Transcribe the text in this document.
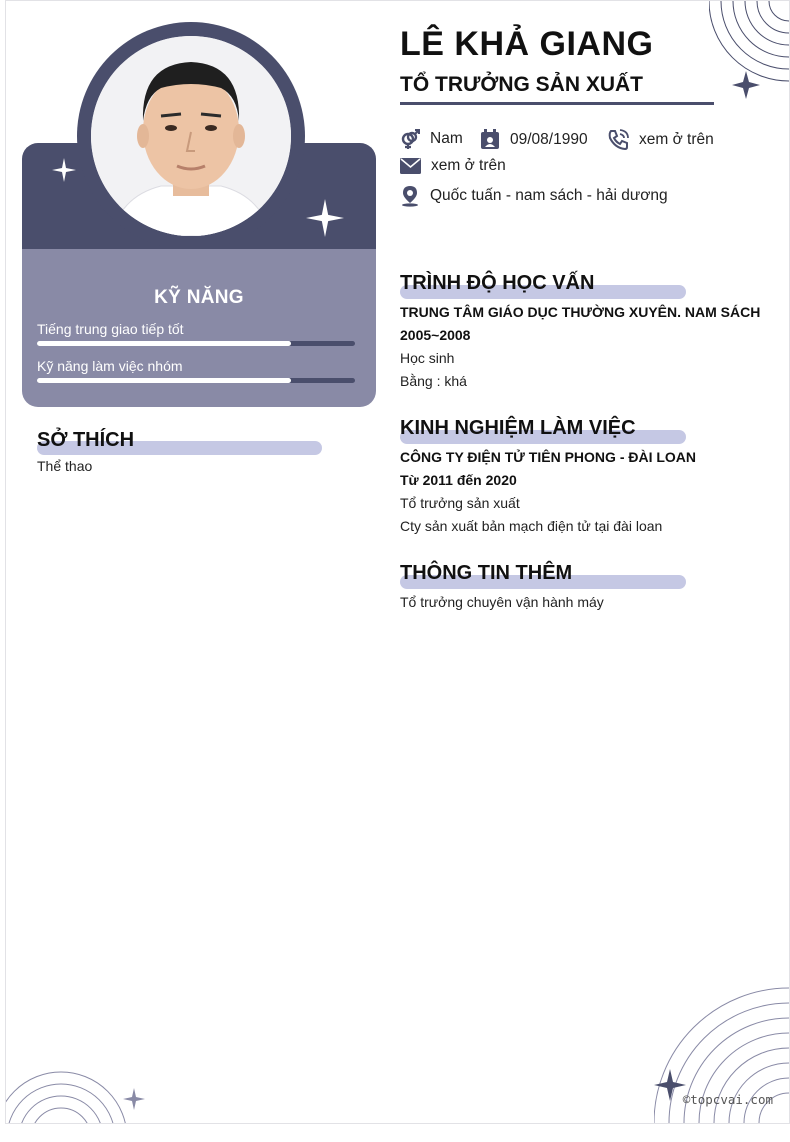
KỸ NĂNG
Tiếng trung giao tiếp tốt
Kỹ năng làm việc nhóm
SỞ THÍCH
Thể thao
LÊ KHẢ GIANG
TỔ TRƯỞNG SẢN XUẤT
Nam	09/08/1990	xem ở trên
xem ở trên
Quốc tuấn - nam sách - hải dương
TRÌNH ĐỘ HỌC VẤN
TRUNG TÂM GIÁO DỤC THƯỜNG XUYÊN. NAM SÁCH
2005~2008
Học sinh
Bằng : khá
KINH NGHIỆM LÀM VIỆC
CÔNG TY ĐIỆN TỬ TIÊN PHONG - ĐÀI LOAN
Từ 2011 đến 2020
Tổ trưởng sản xuất
Cty sản xuất bản mạch điện tử tại đài loan
THÔNG TIN THÊM
Tổ trưởng chuyên vận hành máy
©topcvai.com
